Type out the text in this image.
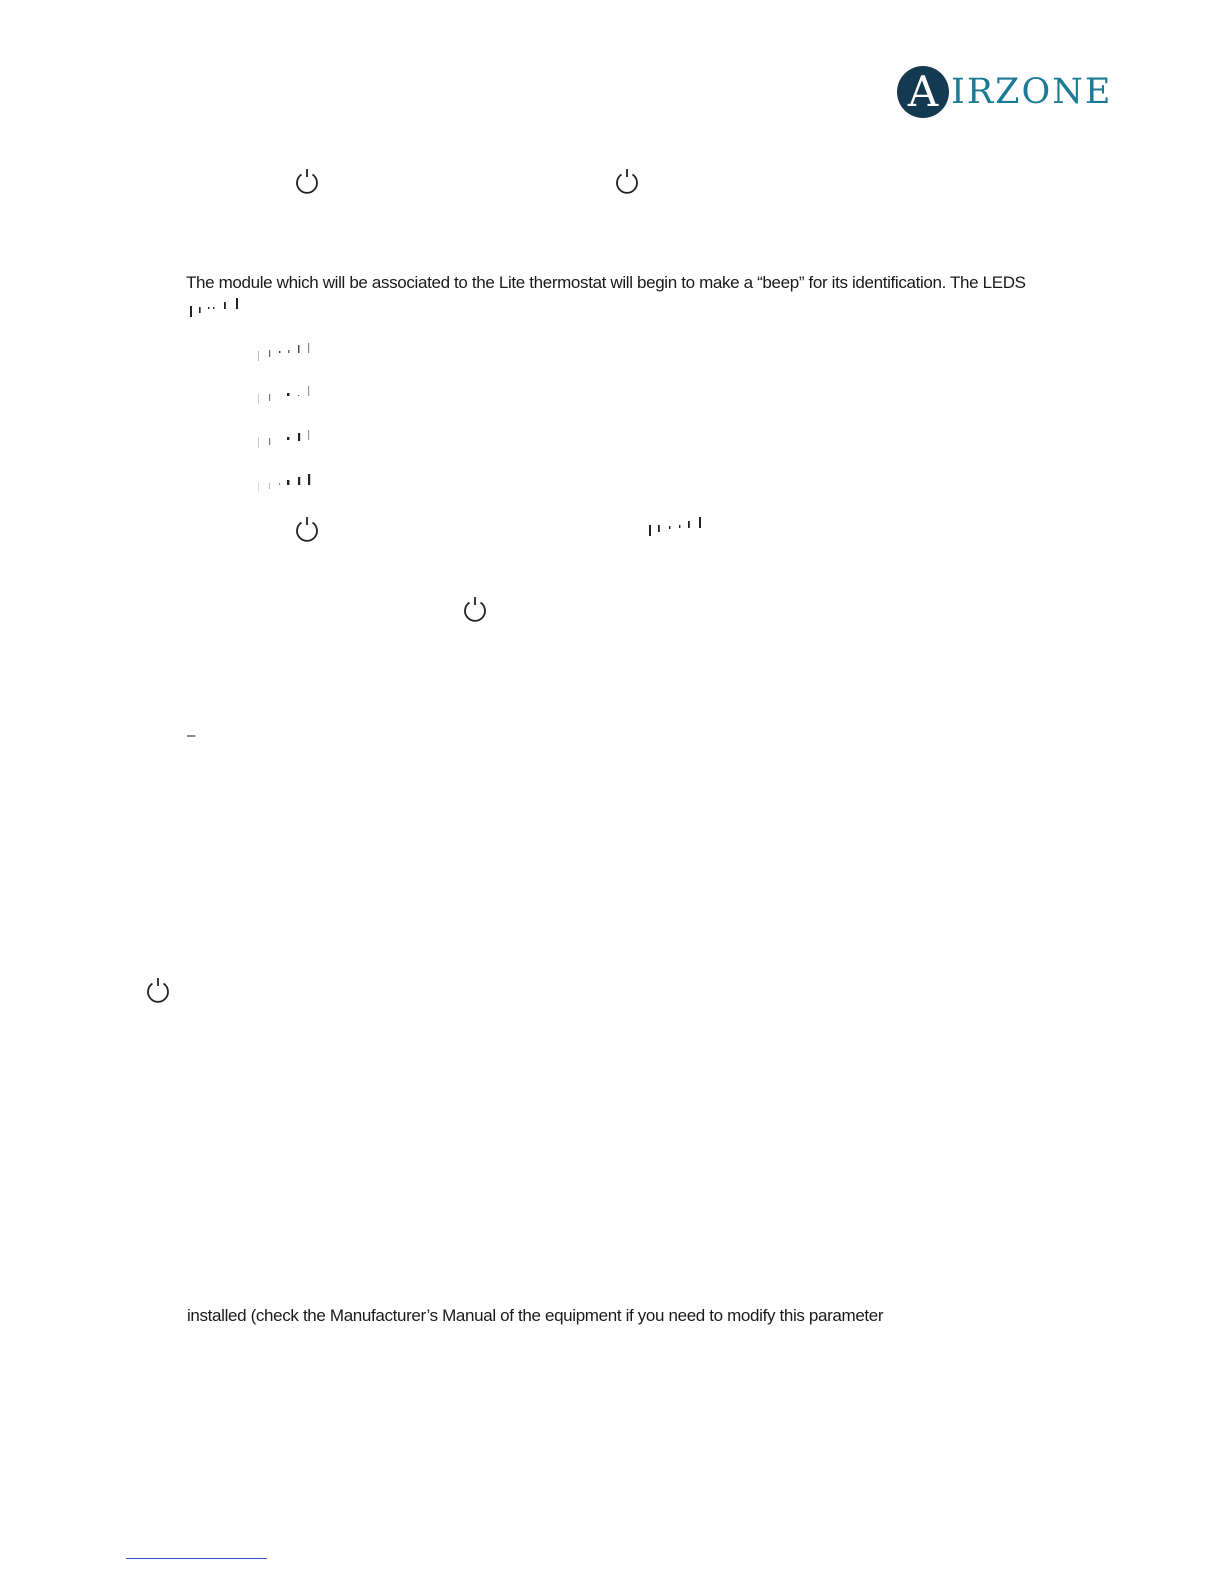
A IRZONE
The module which will be associated to the Lite thermostat will begin to make a “beep” for its identification. The LEDS
–
installed (check the Manufacturer’s Manual of the equipment if you need to modify this parameter
